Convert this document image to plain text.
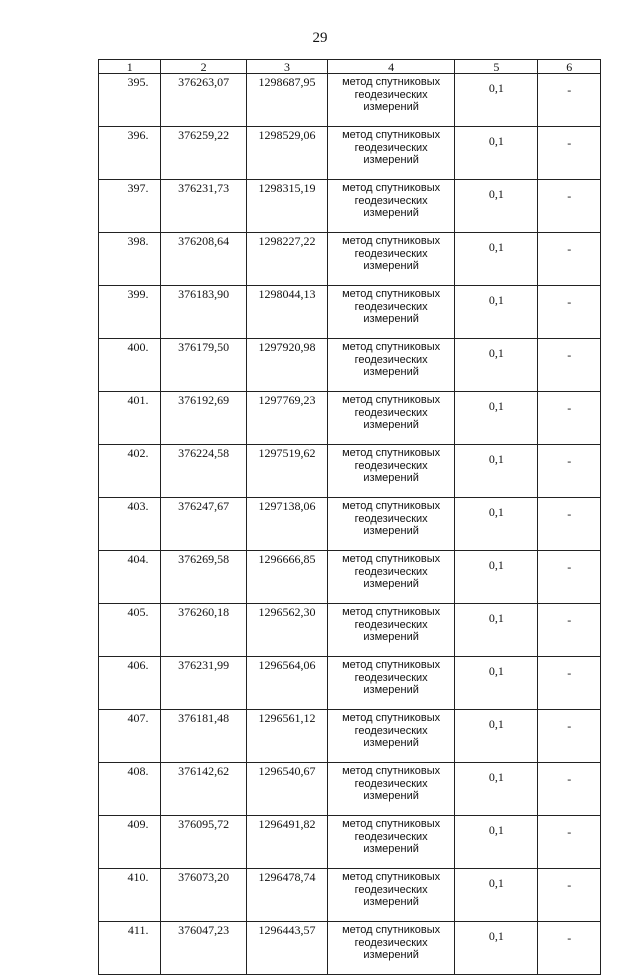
29
1	2	3	4	5	6
395.	376263,07	1298687,95	метод спутниковых
геодезических
измерений	0,1	-
396.	376259,22	1298529,06	метод спутниковых
геодезических
измерений	0,1	-
397.	376231,73	1298315,19	метод спутниковых
геодезических
измерений	0,1	-
398.	376208,64	1298227,22	метод спутниковых
геодезических
измерений	0,1	-
399.	376183,90	1298044,13	метод спутниковых
геодезических
измерений	0,1	-
400.	376179,50	1297920,98	метод спутниковых
геодезических
измерений	0,1	-
401.	376192,69	1297769,23	метод спутниковых
геодезических
измерений	0,1	-
402.	376224,58	1297519,62	метод спутниковых
геодезических
измерений	0,1	-
403.	376247,67	1297138,06	метод спутниковых
геодезических
измерений	0,1	-
404.	376269,58	1296666,85	метод спутниковых
геодезических
измерений	0,1	-
405.	376260,18	1296562,30	метод спутниковых
геодезических
измерений	0,1	-
406.	376231,99	1296564,06	метод спутниковых
геодезических
измерений	0,1	-
407.	376181,48	1296561,12	метод спутниковых
геодезических
измерений	0,1	-
408.	376142,62	1296540,67	метод спутниковых
геодезических
измерений	0,1	-
409.	376095,72	1296491,82	метод спутниковых
геодезических
измерений	0,1	-
410.	376073,20	1296478,74	метод спутниковых
геодезических
измерений	0,1	-
411.	376047,23	1296443,57	метод спутниковых
геодезических
измерений	0,1	-
